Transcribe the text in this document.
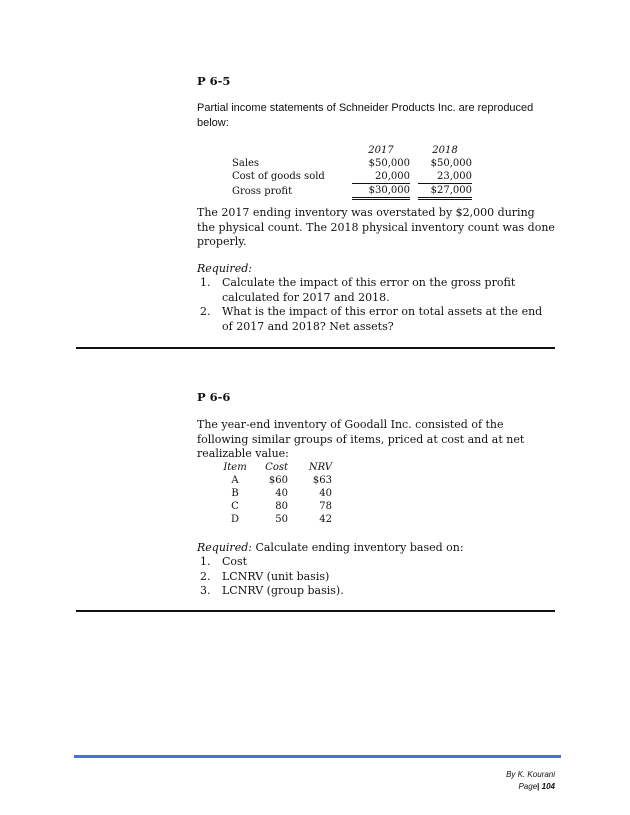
P 6-5
Partial income statements of Schneider Products Inc. are reproduced below:
	2017		2018
Sales	$50,000		$50,000
Cost of goods sold	20,000		23,000
Gross profit	$30,000		$27,000
The 2017 ending inventory was overstated by $2,000 during the physical count. The 2018 physical inventory count was done properly.
Required:
1. Calculate the impact of this error on the gross profit calculated for 2017 and 2018.
2. What is the impact of this error on total assets at the end of 2017 and 2018? Net assets?
P 6-6
The year-end inventory of Goodall Inc. consisted of the following similar groups of items, priced at cost and at net realizable value:
Item	Cost	NRV
A	$60	$63
B	40	40
C	80	78
D	50	42
Required: Calculate ending inventory based on:
1. Cost
2. LCNRV (unit basis)
3. LCNRV (group basis).
By K. Kourani
Page| 104
